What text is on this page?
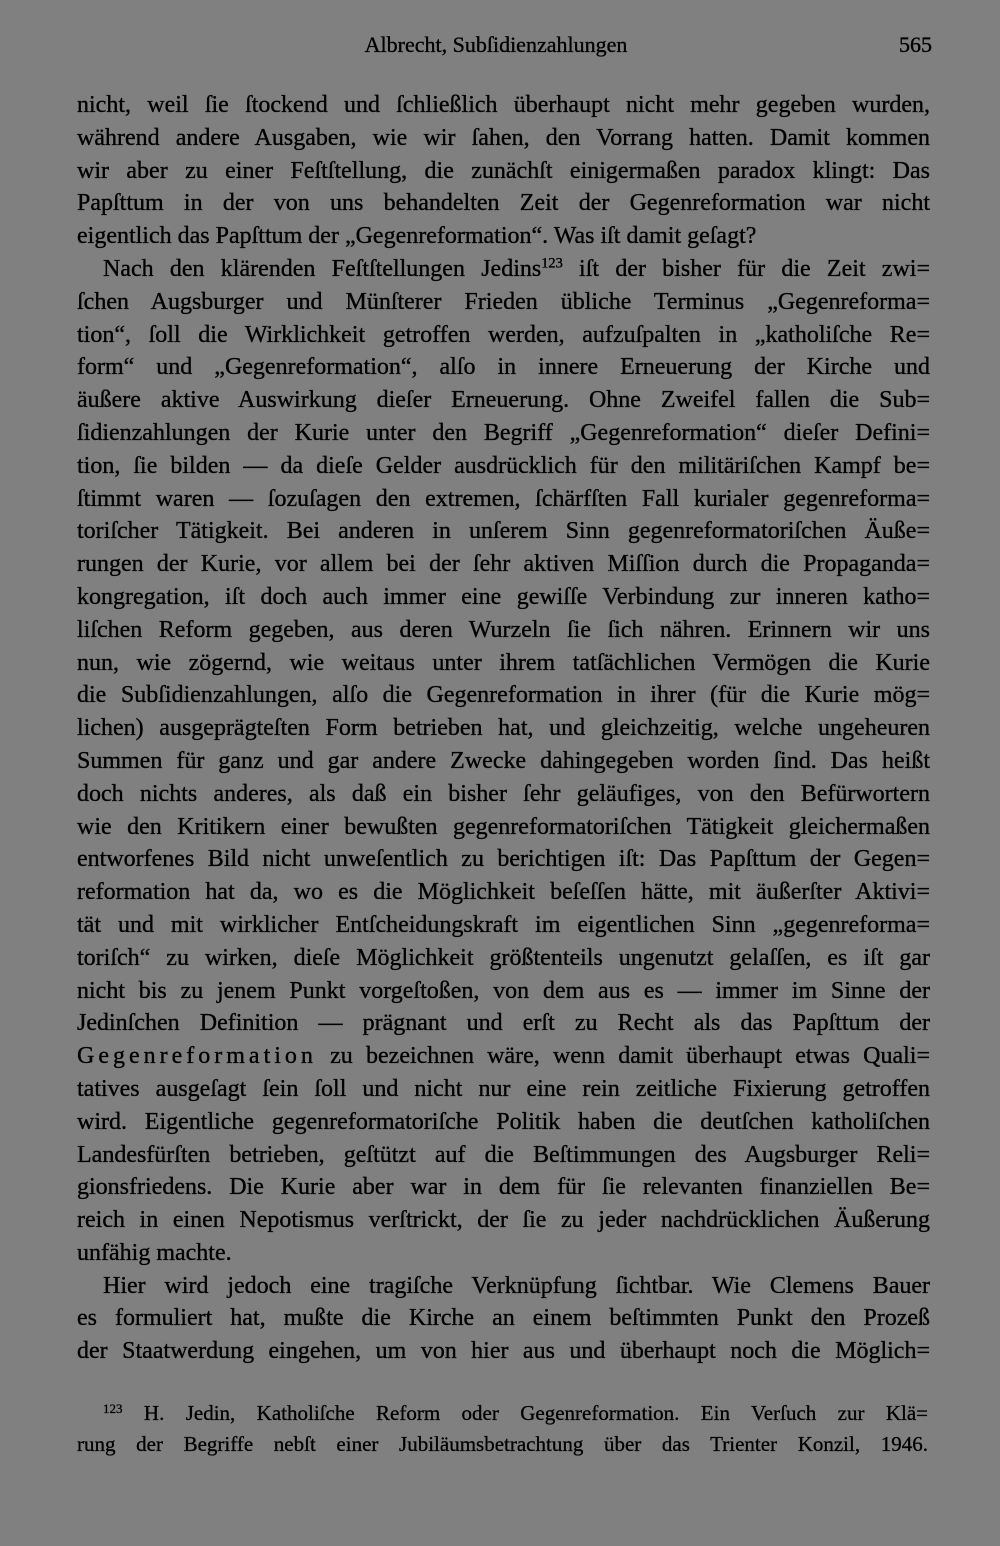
Albrecht, Subſidienzahlungen	565
nicht, weil ſie ſtockend und ſchließlich überhaupt nicht mehr gegeben wurden,
während andere Ausgaben, wie wir ſahen, den Vorrang hatten. Damit kommen
wir aber zu einer Feſtſtellung, die zunächſt einigermaßen paradox klingt: Das
Papſttum in der von uns behandelten Zeit der Gegenreformation war nicht
eigentlich das Papſttum der „Gegenreformation“. Was iſt damit geſagt?
Nach den klärenden Feſtſtellungen Jedins$^{123}$ iſt der bisher für die Zeit zwi=
ſchen Augsburger und Münſterer Frieden übliche Terminus „Gegenreforma=
tion“, ſoll die Wirklichkeit getroffen werden, aufzuſpalten in „katholiſche Re=
form“ und „Gegenreformation“, alſo in innere Erneuerung der Kirche und
äußere aktive Auswirkung dieſer Erneuerung. Ohne Zweifel fallen die Sub=
ſidienzahlungen der Kurie unter den Begriff „Gegenreformation“ dieſer Defini=
tion, ſie bilden — da dieſe Gelder ausdrücklich für den militäriſchen Kampf be=
ſtimmt waren — ſozuſagen den extremen, ſchärfſten Fall kurialer gegenreforma=
toriſcher Tätigkeit. Bei anderen in unſerem Sinn gegenreformatoriſchen Äuße=
rungen der Kurie, vor allem bei der ſehr aktiven Miſſion durch die Propaganda=
kongregation, iſt doch auch immer eine gewiſſe Verbindung zur inneren katho=
liſchen Reform gegeben, aus deren Wurzeln ſie ſich nähren. Erinnern wir uns
nun, wie zögernd, wie weitaus unter ihrem tatſächlichen Vermögen die Kurie
die Subſidienzahlungen, alſo die Gegenreformation in ihrer (für die Kurie mög=
lichen) ausgeprägteſten Form betrieben hat, und gleichzeitig, welche ungeheuren
Summen für ganz und gar andere Zwecke dahingegeben worden ſind. Das heißt
doch nichts anderes, als daß ein bisher ſehr geläufiges, von den Befürwortern
wie den Kritikern einer bewußten gegenreformatoriſchen Tätigkeit gleichermaßen
entworfenes Bild nicht unweſentlich zu berichtigen iſt: Das Papſttum der Gegen=
reformation hat da, wo es die Möglichkeit beſeſſen hätte, mit äußerſter Aktivi=
tät und mit wirklicher Entſcheidungskraft im eigentlichen Sinn „gegenreforma=
toriſch“ zu wirken, dieſe Möglichkeit größtenteils ungenutzt gelaſſen, es iſt gar
nicht bis zu jenem Punkt vorgeſtoßen, von dem aus es — immer im Sinne der
Jedinſchen Definition — prägnant und erſt zu Recht als das Papſttum der
Gegenreformation zu bezeichnen wäre, wenn damit überhaupt etwas Quali=
tatives ausgeſagt ſein ſoll und nicht nur eine rein zeitliche Fixierung getroffen
wird. Eigentliche gegenreformatoriſche Politik haben die deutſchen katholiſchen
Landesfürſten betrieben, geſtützt auf die Beſtimmungen des Augsburger Reli=
gionsfriedens. Die Kurie aber war in dem für ſie relevanten finanziellen Be=
reich in einen Nepotismus verſtrickt, der ſie zu jeder nachdrücklichen Äußerung
unfähig machte.
Hier wird jedoch eine tragiſche Verknüpfung ſichtbar. Wie Clemens Bauer
es formuliert hat, mußte die Kirche an einem beſtimmten Punkt den Prozeß
der Staatwerdung eingehen, um von hier aus und überhaupt noch die Möglich=
$^{123}$ H. Jedin, Katholiſche Reform oder Gegenreformation. Ein Verſuch zur Klä=
rung der Begriffe nebſt einer Jubiläumsbetrachtung über das Trienter Konzil, 1946.
